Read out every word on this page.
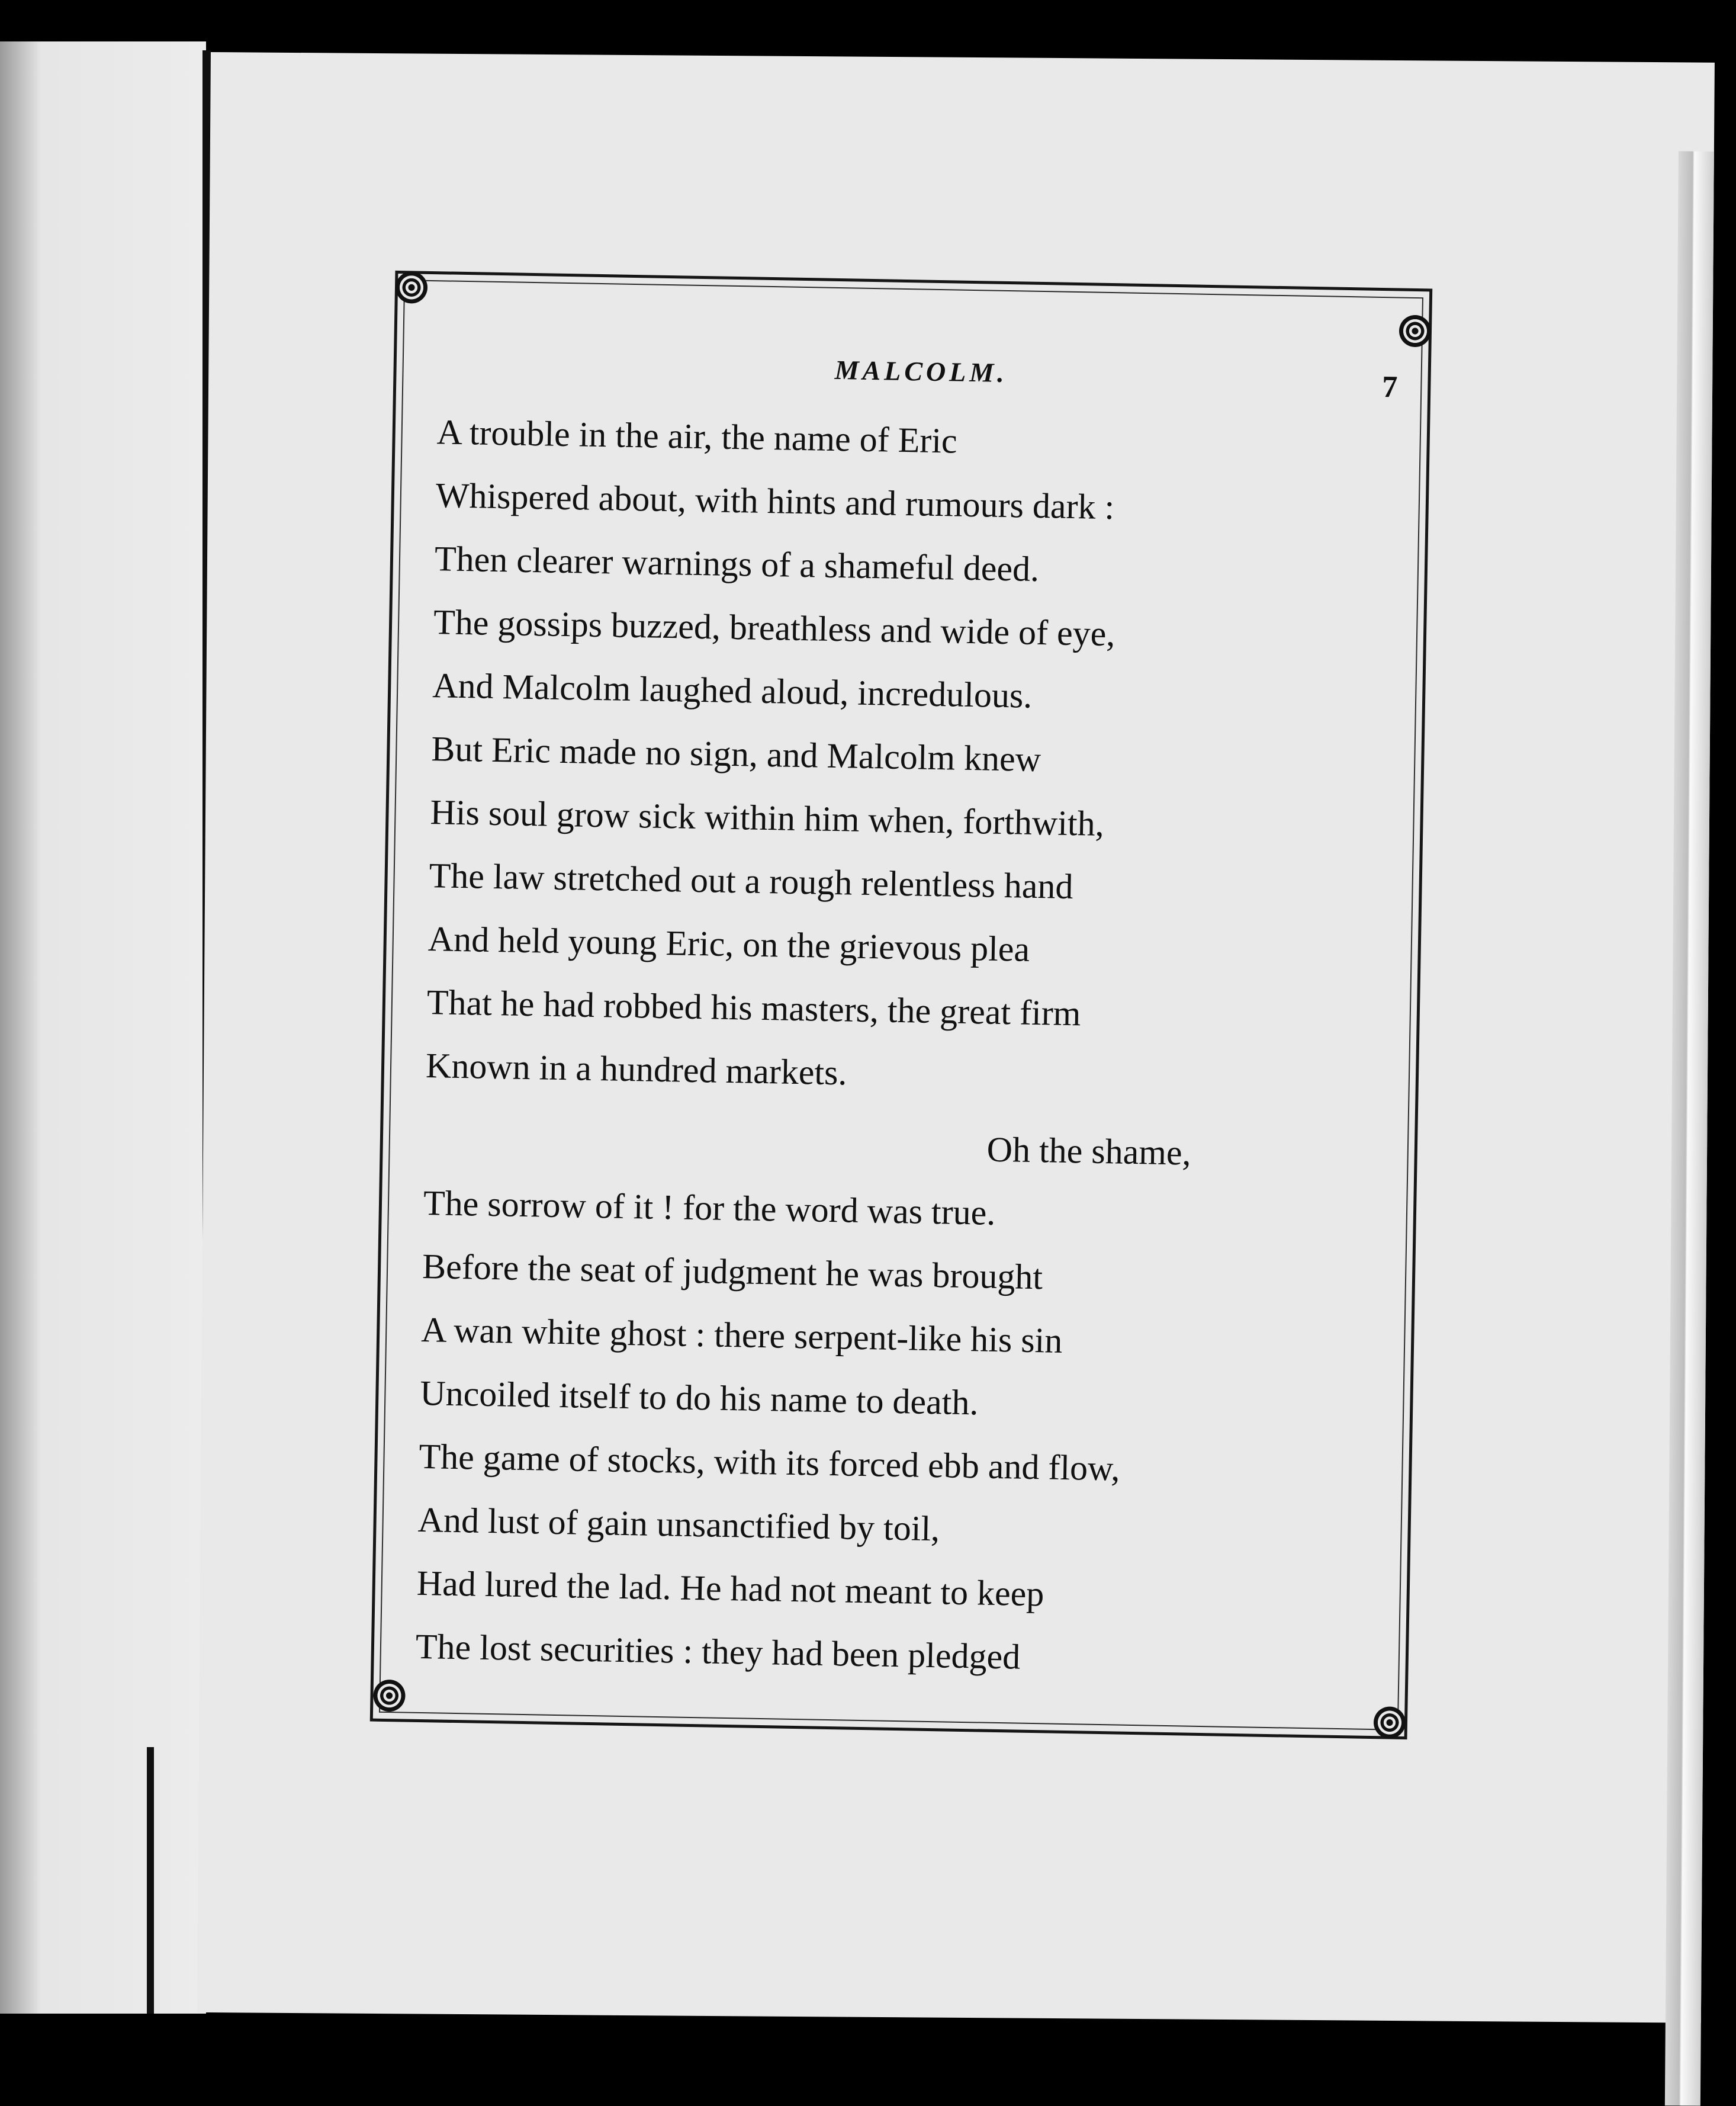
MALCOLM.	7
A trouble in the air, the name of Eric
Whispered about, with hints and rumours dark :
Then clearer warnings of a shameful deed.
The gossips buzzed, breathless and wide of eye,
And Malcolm laughed aloud, incredulous.
But Eric made no sign, and Malcolm knew
His soul grow sick within him when, forthwith,
The law stretched out a rough relentless hand
And held young Eric, on the grievous plea
That he had robbed his masters, the great firm
Known in a hundred markets.
Oh the shame,
The sorrow of it ! for the word was true.
Before the seat of judgment he was brought
A wan white ghost : there serpent-like his sin
Uncoiled itself to do his name to death.
The game of stocks, with its forced ebb and flow,
And lust of gain unsanctified by toil,
Had lured the lad. He had not meant to keep
The lost securities : they had been pledged
